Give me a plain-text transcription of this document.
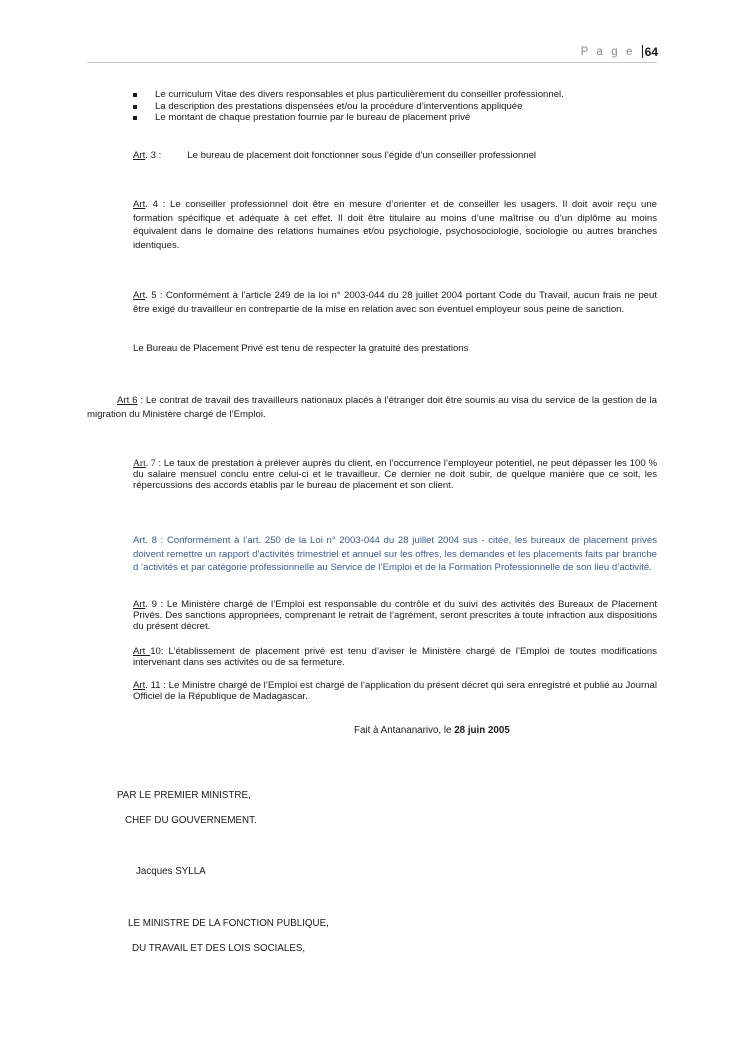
P a g e 64
Le curriculum Vitae des divers responsables et plus particulièrement du conseiller professionnel.
La description des prestations dispensées et/ou la procédure d’interventions appliquée
Le montant de chaque prestation fournie par le bureau de placement privé
Art. 3 :	Le bureau de placement doit fonctionner sous l’égide d’un conseiller professionnel
Art. 4 : Le conseiller professionnel doit être en mesure d’orienter et de conseiller les usagers. Il doit avoir reçu une formation spécifique et adéquate à cet effet. Il doit être titulaire au moins d’une maîtrise ou d’un diplôme au moins équivalent dans le domaine des relations humaines et/ou psychologie, psychosociologie, sociologie ou autres branches identiques.
Art. 5 : Conformément à l’article 249 de la loi n° 2003-044 du 28 juillet 2004 portant Code du Travail, aucun frais ne peut être exigé du travailleur en contrepartie de la mise en relation avec son éventuel employeur sous peine de sanction.
Le Bureau de Placement Privé est tenu de respecter la gratuité des prestations
Art 6 : Le contrat de travail des travailleurs nationaux placés à l’étranger doit être soumis au visa du service de la gestion de la migration du Ministère chargé de l’Emploi.
Art. 7 : Le taux de prestation à prélever auprès du client, en l’occurrence l’employeur potentiel, ne peut dépasser les 100 % du salaire mensuel conclu entre celui-ci et le travailleur. Ce dernier ne doit subir, de quelque manière que ce soit, les répercussions des accords établis par le bureau de placement et son client.
Art. 8 : Conformément à l’art. 250 de la Loi n° 2003-044 du 28 juillet 2004 sus - citée, les bureaux de placement privés doivent remettre un rapport d’activités trimestriel et annuel sur les offres, les demandes et les placements faits par branche d ‘activités et par catégorie professionnelle au Service de l’Emploi et de la Formation Professionnelle de son lieu d’activité.
Art. 9 : Le Ministère chargé de l’Emploi est responsable du contrôle et du suivi des activités des Bureaux de Placement Privés. Des sanctions appropriées, comprenant le retrait de l’agrément, seront prescrites à toute infraction aux dispositions du présent décret.
Art 10: L’établissement de placement privé est tenu d’aviser le Ministère chargé de l’Emploi de toutes modifications intervenant dans ses activités ou de sa fermeture.
Art. 11 : Le Ministre chargé de l’Emploi est chargé de l’application du présent décret qui sera enregistré et publié au Journal Officiel de la République de Madagascar.
Fait à Antananarivo, le 28 juin 2005
PAR LE PREMIER MINISTRE,
CHEF DU GOUVERNEMENT.
Jacques SYLLA
LE MINISTRE DE LA FONCTION PUBLIQUE,
DU TRAVAIL ET DES LOIS SOCIALES,
